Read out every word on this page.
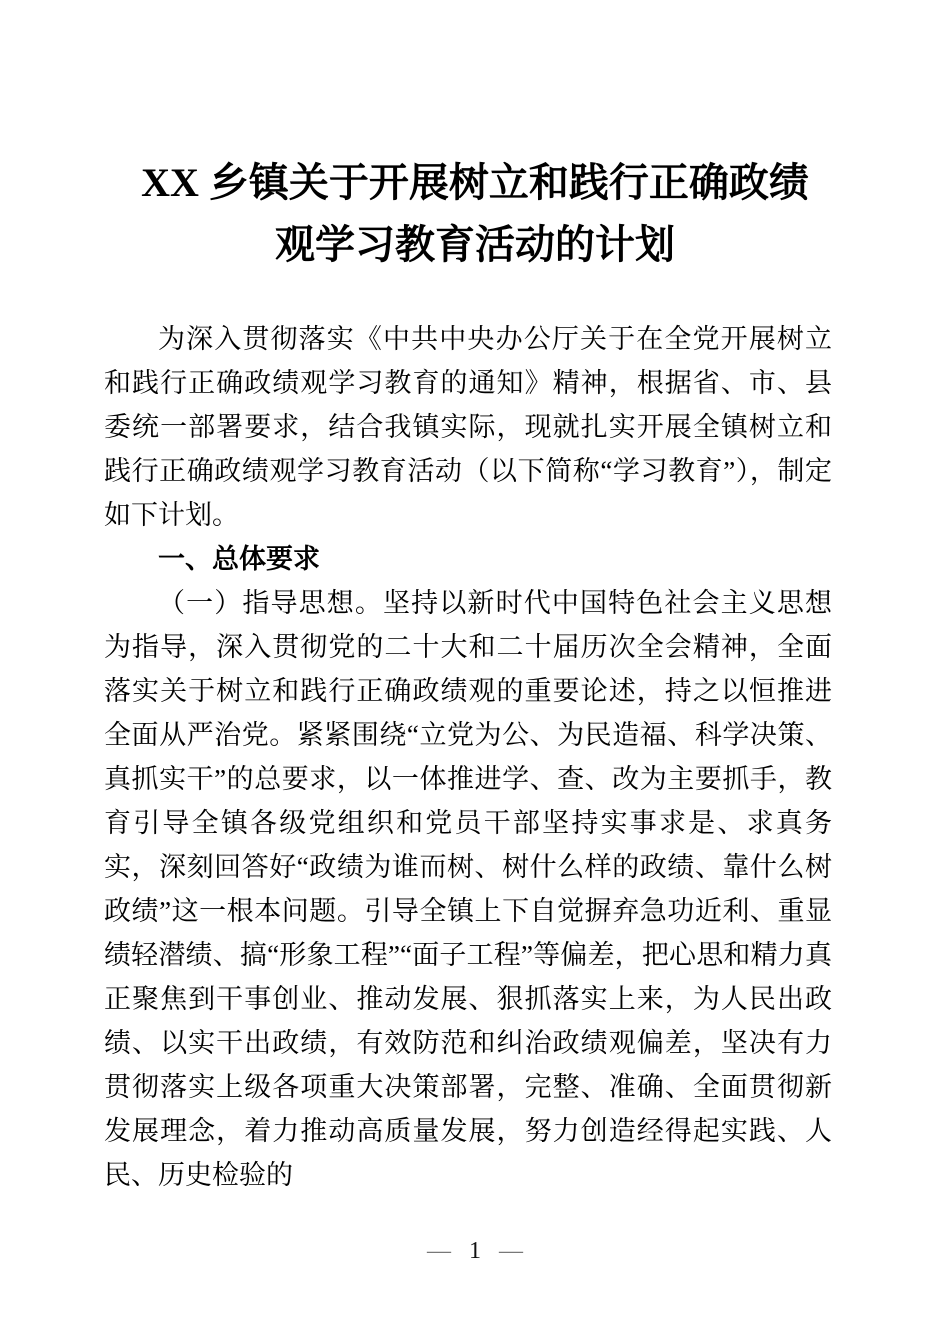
XX 乡镇关于开展树立和践行正确政绩
观学习教育活动的计划

为深入贯彻落实《中共中央办公厅关于在全党开展树立和践行正确政绩观学习教育的通知》精神，根据省、市、县委统一部署要求，结合我镇实际，现就扎实开展全镇树立和践行正确政绩观学习教育活动（以下简称“学习教育”），制定如下计划。

一、总体要求

（一）指导思想。坚持以新时代中国特色社会主义思想为指导，深入贯彻党的二十大和二十届历次全会精神，全面落实关于树立和践行正确政绩观的重要论述，持之以恒推进全面从严治党。紧紧围绕“立党为公、为民造福、科学决策、真抓实干”的总要求，以一体推进学、查、改为主要抓手，教育引导全镇各级党组织和党员干部坚持实事求是、求真务实，深刻回答好“政绩为谁而树、树什么样的政绩、靠什么树政绩”这一根本问题。引导全镇上下自觉摒弃急功近利、重显绩轻潜绩、搞“形象工程”“面子工程”等偏差，把心思和精力真正聚焦到干事创业、推动发展、狠抓落实上来，为人民出政绩、以实干出政绩，有效防范和纠治政绩观偏差，坚决有力贯彻落实上级各项重大决策部署，完整、准确、全面贯彻新发展理念，着力推动高质量发展，努力创造经得起实践、人民、历史检验的

— 1 —
